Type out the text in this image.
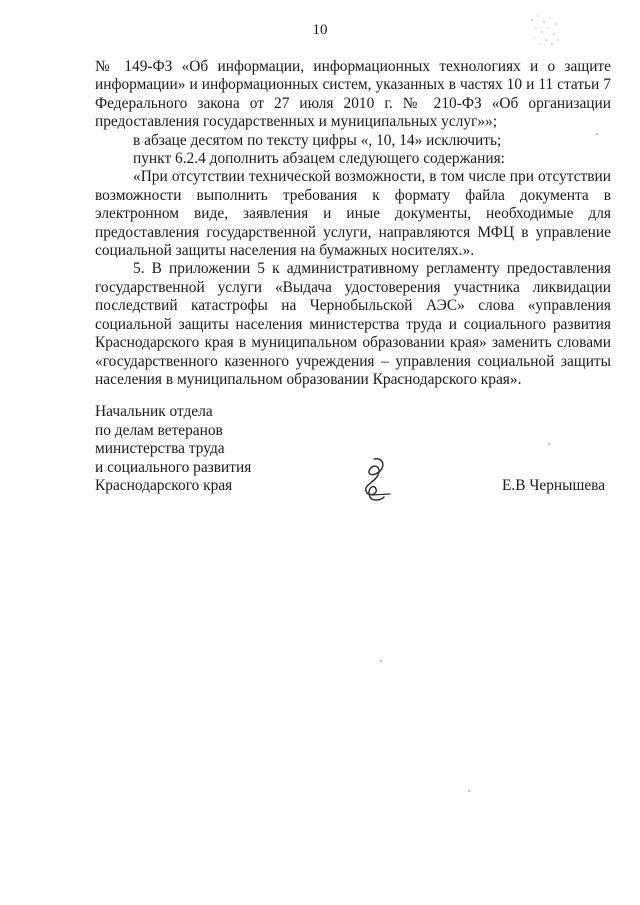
10

№ 149-ФЗ «Об информации, информационных технологиях и о защите информации» и информационных систем, указанных в частях 10 и 11 статьи 7 Федерального закона от 27 июля 2010 г. № 210-ФЗ «Об организации предоставления государственных и муниципальных услуг»»;

в абзаце десятом по тексту цифры «, 10, 14» исключить;

пункт 6.2.4 дополнить абзацем следующего содержания:

«При отсутствии технической возможности, в том числе при отсутствии возможности выполнить требования к формату файла документа в электронном виде, заявления и иные документы, необходимые для предоставления государственной услуги, направляются МФЦ в управление социальной защиты населения на бумажных носителях.».

5. В приложении 5 к административному регламенту предоставления государственной услуги «Выдача удостоверения участника ликвидации последствий катастрофы на Чернобыльской АЭС» слова «управления социальной защиты населения министерства труда и социального развития Краснодарского края в муниципальном образовании края» заменить словами «государственного казенного учреждения – управления социальной защиты населения в муниципальном образовании Краснодарского края».

Начальник отдела
по делам ветеранов
министерства труда
и социального развития
Краснодарского края	Е.В Чернышева
